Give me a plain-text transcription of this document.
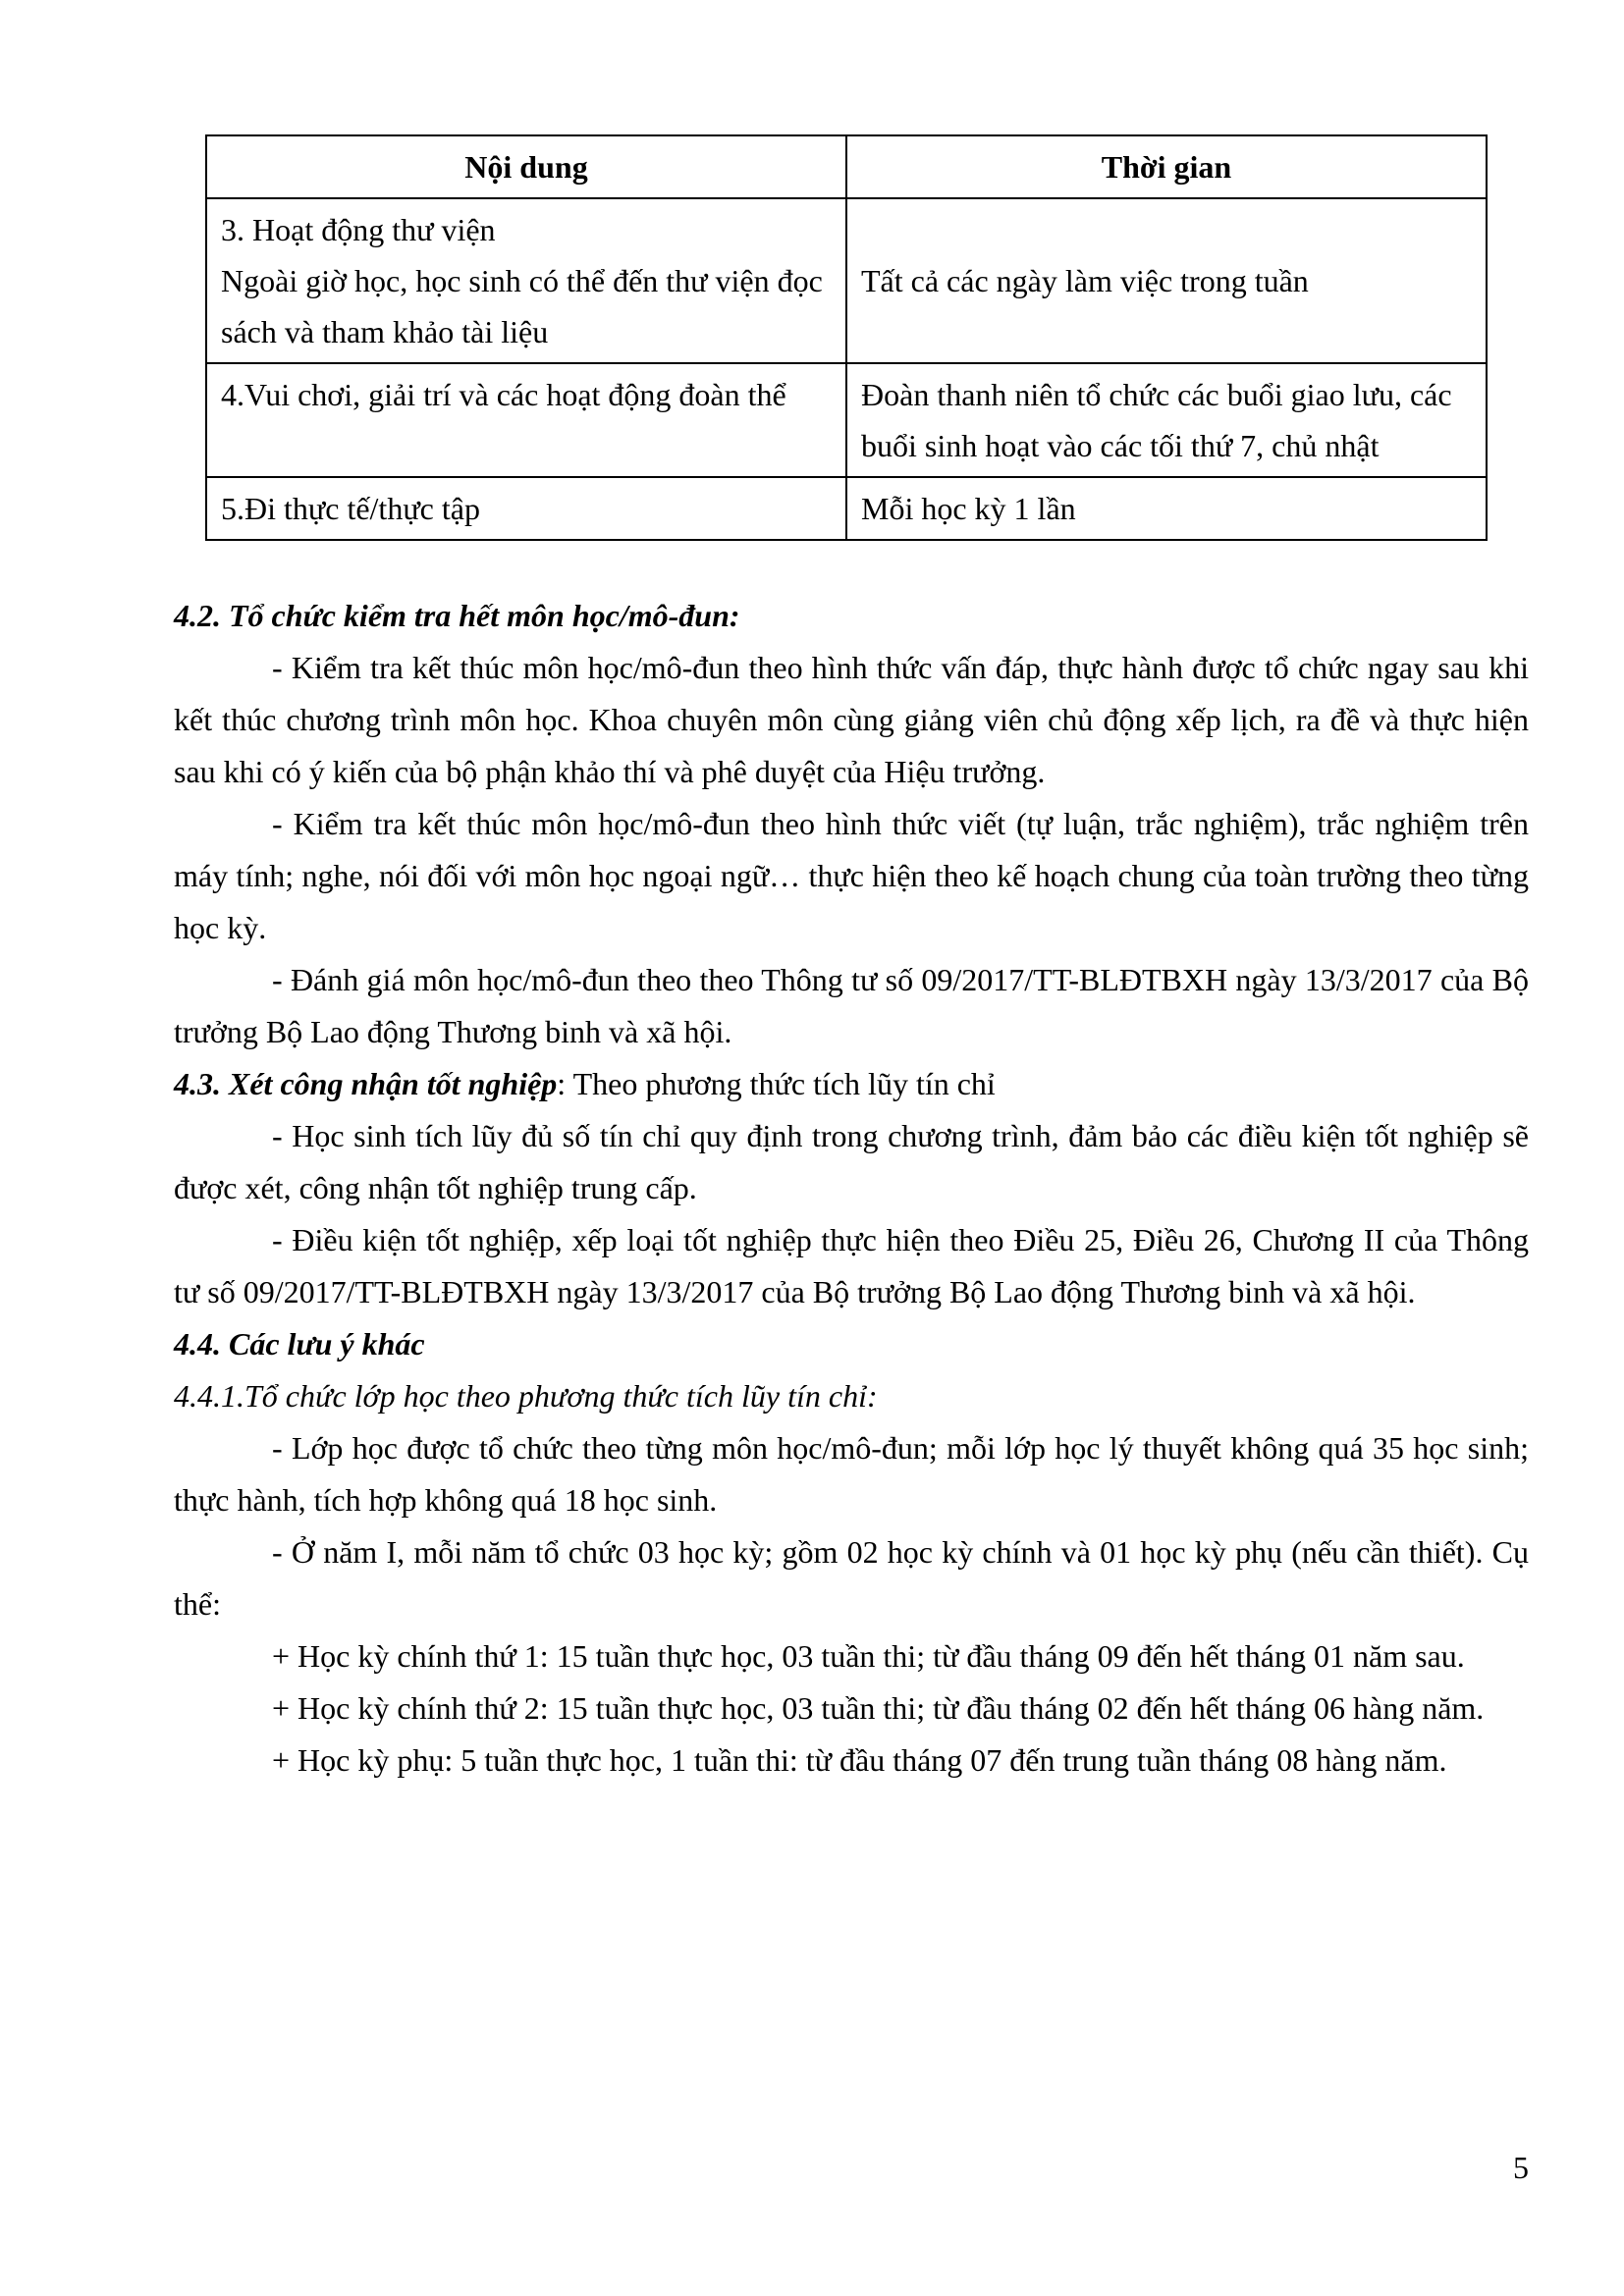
Nội dung	Thời gian

3. Hoạt động thư viện
Ngoài giờ học, học sinh có thể đến thư viện đọc sách và tham khảo tài liệu	Tất cả các ngày làm việc trong tuần

4.Vui chơi, giải trí và các hoạt động đoàn thể	Đoàn thanh niên tổ chức các buổi giao lưu, các buổi sinh hoạt vào các tối thứ 7, chủ nhật

5.Đi thực tế/thực tập	Mỗi học kỳ 1 lần

4.2. Tổ chức kiểm tra hết môn học/mô-đun:

- Kiểm tra kết thúc môn học/mô-đun theo hình thức vấn đáp, thực hành được tổ chức ngay sau khi kết thúc chương trình môn học. Khoa chuyên môn cùng giảng viên chủ động xếp lịch, ra đề và thực hiện sau khi có ý kiến của bộ phận khảo thí và phê duyệt của Hiệu trưởng.

- Kiểm tra kết thúc môn học/mô-đun theo hình thức viết (tự luận, trắc nghiệm), trắc nghiệm trên máy tính; nghe, nói đối với môn học ngoại ngữ… thực hiện theo kế hoạch chung của toàn trường theo từng học kỳ.

- Đánh giá môn học/mô-đun theo theo Thông tư số 09/2017/TT-BLĐTBXH ngày 13/3/2017 của Bộ trưởng Bộ Lao động Thương binh và xã hội.

4.3. Xét công nhận tốt nghiệp: Theo phương thức tích lũy tín chỉ

- Học sinh tích lũy đủ số tín chỉ quy định trong chương trình, đảm bảo các điều kiện tốt nghiệp sẽ được xét, công nhận tốt nghiệp trung cấp.

- Điều kiện tốt nghiệp, xếp loại tốt nghiệp thực hiện theo Điều 25, Điều 26, Chương II của Thông tư số 09/2017/TT-BLĐTBXH ngày 13/3/2017 của Bộ trưởng Bộ Lao động Thương binh và xã hội.

4.4. Các lưu ý khác

4.4.1.Tổ chức lớp học theo phương thức tích lũy tín chỉ:

- Lớp học được tổ chức theo từng môn học/mô-đun; mỗi lớp học lý thuyết không quá 35 học sinh; thực hành, tích hợp không quá 18 học sinh.

- Ở năm I, mỗi năm tổ chức 03 học kỳ; gồm 02 học kỳ chính và 01 học kỳ phụ (nếu cần thiết). Cụ thể:

+ Học kỳ chính thứ 1: 15 tuần thực học, 03 tuần thi; từ đầu tháng 09 đến hết tháng 01 năm sau.

+ Học kỳ chính thứ 2: 15 tuần thực học, 03 tuần thi; từ đầu tháng 02 đến hết tháng 06 hàng năm.

+ Học kỳ phụ: 5 tuần thực học, 1 tuần thi: từ đầu tháng 07 đến trung tuần tháng 08 hàng năm.

5
